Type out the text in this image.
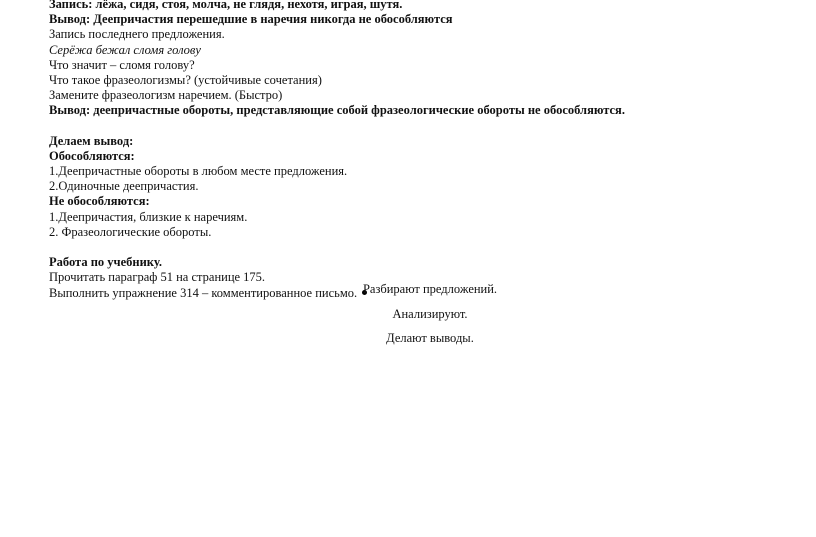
Запись: лёжа, сидя, стоя, молча, не глядя, нехотя, играя, шутя.
Вывод: Деепричастия перешедшие в наречия никогда не обособляются
Запись последнего предложения.
Серёжа бежал сломя голову
Что значит – сломя голову?
Что такое фразеологизмы? (устойчивые сочетания)
Замените фразеологизм наречием. (Быстро)
Вывод: деепричастные обороты, представляющие собой фразеологические обороты не обособляются.
Делаем вывод:
Обособляются:
1.Деепричастные обороты в любом месте предложения.
2.Одиночные деепричастия.
Не обособляются:
1.Деепричастия, близкие к наречиям.
2. Фразеологические обороты.
Работа по учебнику.
Прочитать параграф 51 на странице 175.
Выполнить упражнение 314 – комментированное письмо. Разбирают предложений.
Анализируют.
Делают выводы.
